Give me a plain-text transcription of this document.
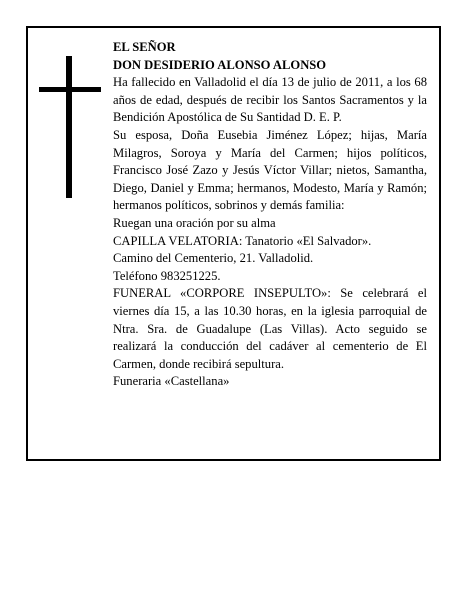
EL SEÑOR

DON DESIDERIO ALONSO ALONSO

Ha fallecido en Valladolid el día 13 de julio de 2011, a los 68 años de edad, después de recibir los Santos Sacramentos y la Bendición Apostólica de Su Santidad D. E. P.

Su esposa, Doña Eusebia Jiménez López; hijas, María Milagros, Soroya y María del Carmen; hijos políticos, Francisco José Zazo y Jesús Víctor Villar; nietos, Samantha, Diego, Daniel y Emma; hermanos, Modesto, María y Ramón; hermanos políticos, sobrinos y demás familia:

Ruegan una oración por su alma

CAPILLA VELATORIA: Tanatorio «El Salvador».

Camino del Cementerio, 21. Valladolid.

Teléfono 983251225.

FUNERAL «CORPORE INSEPULTO»: Se celebrará el viernes día 15, a las 10.30 horas, en la iglesia parroquial de Ntra. Sra. de Guadalupe (Las Villas). Acto seguido se realizará la conducción del cadáver al cementerio de El Carmen, donde recibirá sepultura.

Funeraria «Castellana»
